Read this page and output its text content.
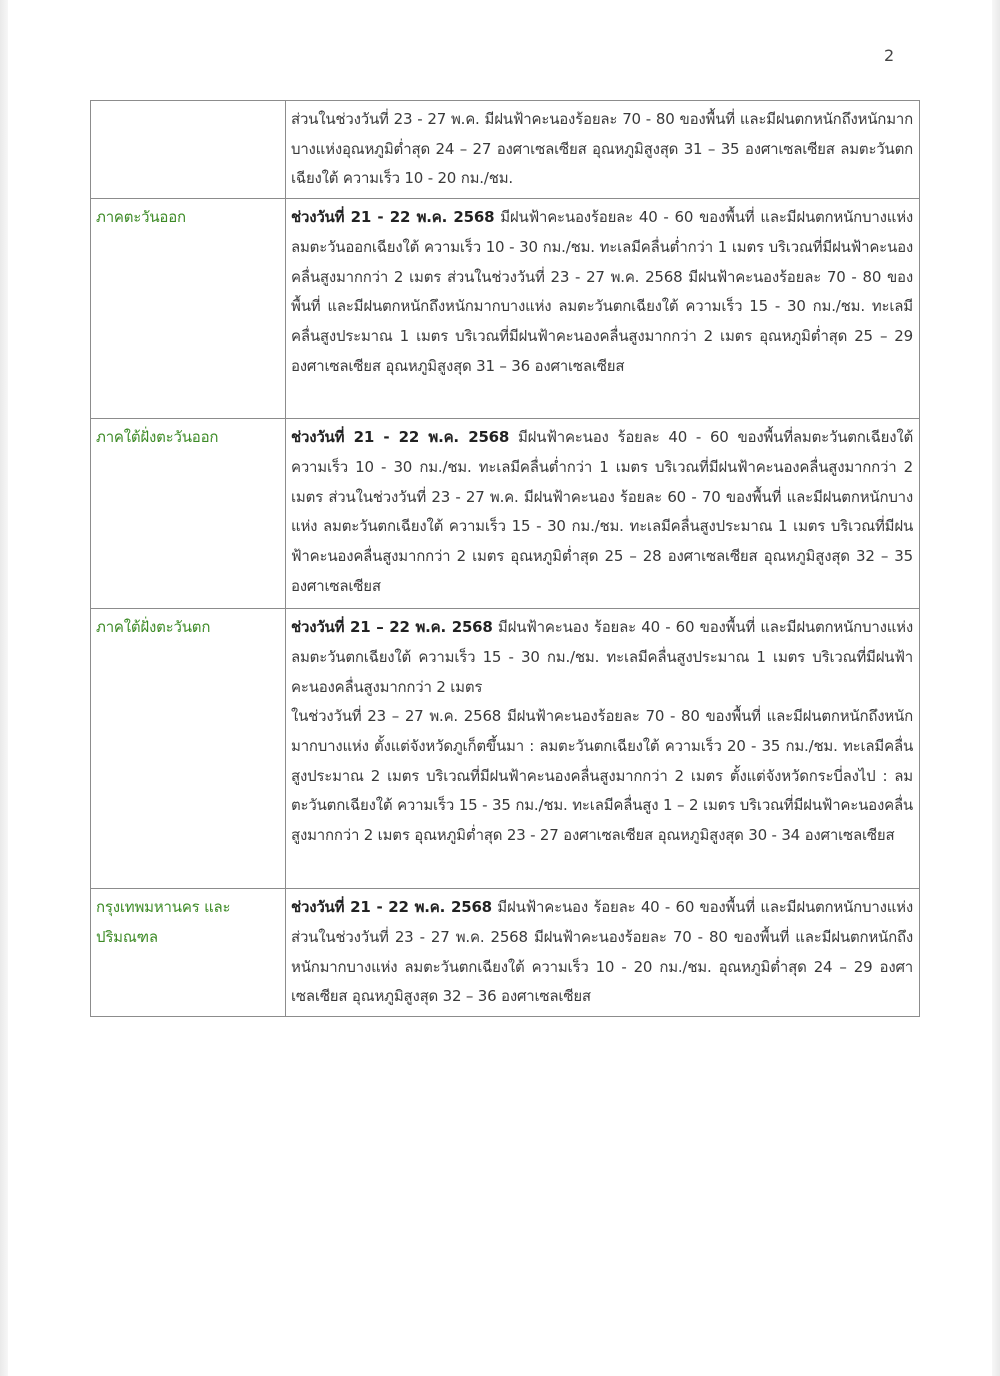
2
	ส่วนในช่วงวันที่ 23 - 27 พ.ค. มีฝนฟ้าคะนองร้อยละ 70 - 80 ของพื้นที่ และมีฝนตกหนักถึงหนักมากบางแห่งอุณหภูมิต่ำสุด 24 – 27 องศาเซลเซียส อุณหภูมิสูงสุด 31 – 35 องศาเซลเซียส ลมตะวันตกเฉียงใต้ ความเร็ว 10 - 20 กม./ชม.
ภาคตะวันออก	ช่วงวันที่ 21 - 22 พ.ค. 2568 มีฝนฟ้าคะนองร้อยละ 40 - 60 ของพื้นที่ และมีฝนตกหนักบางแห่งลมตะวันออกเฉียงใต้ ความเร็ว 10 - 30 กม./ชม. ทะเลมีคลื่นต่ำกว่า 1 เมตร บริเวณที่มีฝนฟ้าคะนองคลื่นสูงมากกว่า 2 เมตร ส่วนในช่วงวันที่ 23 - 27 พ.ค. 2568 มีฝนฟ้าคะนองร้อยละ 70 - 80 ของพื้นที่ และมีฝนตกหนักถึงหนักมากบางแห่ง ลมตะวันตกเฉียงใต้ ความเร็ว 15 - 30 กม./ชม. ทะเลมีคลื่นสูงประมาณ 1 เมตร บริเวณที่มีฝนฟ้าคะนองคลื่นสูงมากกว่า 2 เมตร อุณหภูมิต่ำสุด 25 – 29 องศาเซลเซียส อุณหภูมิสูงสุด 31 – 36 องศาเซลเซียส
ภาคใต้ฝั่งตะวันออก	ช่วงวันที่ 21 - 22 พ.ค. 2568 มีฝนฟ้าคะนอง ร้อยละ 40 - 60 ของพื้นที่ลมตะวันตกเฉียงใต้ ความเร็ว 10 - 30 กม./ชม. ทะเลมีคลื่นต่ำกว่า 1 เมตร บริเวณที่มีฝนฟ้าคะนองคลื่นสูงมากกว่า 2 เมตร ส่วนในช่วงวันที่ 23 - 27 พ.ค. มีฝนฟ้าคะนอง ร้อยละ 60 - 70 ของพื้นที่ และมีฝนตกหนักบางแห่ง ลมตะวันตกเฉียงใต้ ความเร็ว 15 - 30 กม./ชม. ทะเลมีคลื่นสูงประมาณ 1 เมตร บริเวณที่มีฝนฟ้าคะนองคลื่นสูงมากกว่า 2 เมตร อุณหภูมิต่ำสุด 25 – 28 องศาเซลเซียส อุณหภูมิสูงสุด 32 – 35 องศาเซลเซียส
ภาคใต้ฝั่งตะวันตก	ช่วงวันที่ 21 – 22 พ.ค. 2568 มีฝนฟ้าคะนอง ร้อยละ 40 - 60 ของพื้นที่ และมีฝนตกหนักบางแห่ง ลมตะวันตกเฉียงใต้ ความเร็ว 15 - 30 กม./ชม. ทะเลมีคลื่นสูงประมาณ 1 เมตร บริเวณที่มีฝนฟ้าคะนองคลื่นสูงมากกว่า 2 เมตร
ในช่วงวันที่ 23 – 27 พ.ค. 2568 มีฝนฟ้าคะนองร้อยละ 70 - 80 ของพื้นที่ และมีฝนตกหนักถึงหนักมากบางแห่ง ตั้งแต่จังหวัดภูเก็ตขึ้นมา : ลมตะวันตกเฉียงใต้ ความเร็ว 20 - 35 กม./ชม. ทะเลมีคลื่นสูงประมาณ 2 เมตร บริเวณที่มีฝนฟ้าคะนองคลื่นสูงมากกว่า 2 เมตร ตั้งแต่จังหวัดกระบี่ลงไป : ลมตะวันตกเฉียงใต้ ความเร็ว 15 - 35 กม./ชม. ทะเลมีคลื่นสูง 1 – 2 เมตร บริเวณที่มีฝนฟ้าคะนองคลื่นสูงมากกว่า 2 เมตร อุณหภูมิต่ำสุด 23 - 27 องศาเซลเซียส อุณหภูมิสูงสุด 30 - 34 องศาเซลเซียส

กรุงเทพมหานคร และปริมณฑล	ช่วงวันที่ 21 - 22 พ.ค. 2568 มีฝนฟ้าคะนอง ร้อยละ 40 - 60 ของพื้นที่ และมีฝนตกหนักบางแห่ง ส่วนในช่วงวันที่ 23 - 27 พ.ค. 2568 มีฝนฟ้าคะนองร้อยละ 70 - 80 ของพื้นที่ และมีฝนตกหนักถึงหนักมากบางแห่ง ลมตะวันตกเฉียงใต้ ความเร็ว 10 - 20 กม./ชม. อุณหภูมิต่ำสุด 24 – 29 องศาเซลเซียส อุณหภูมิสูงสุด 32 – 36 องศาเซลเซียส
